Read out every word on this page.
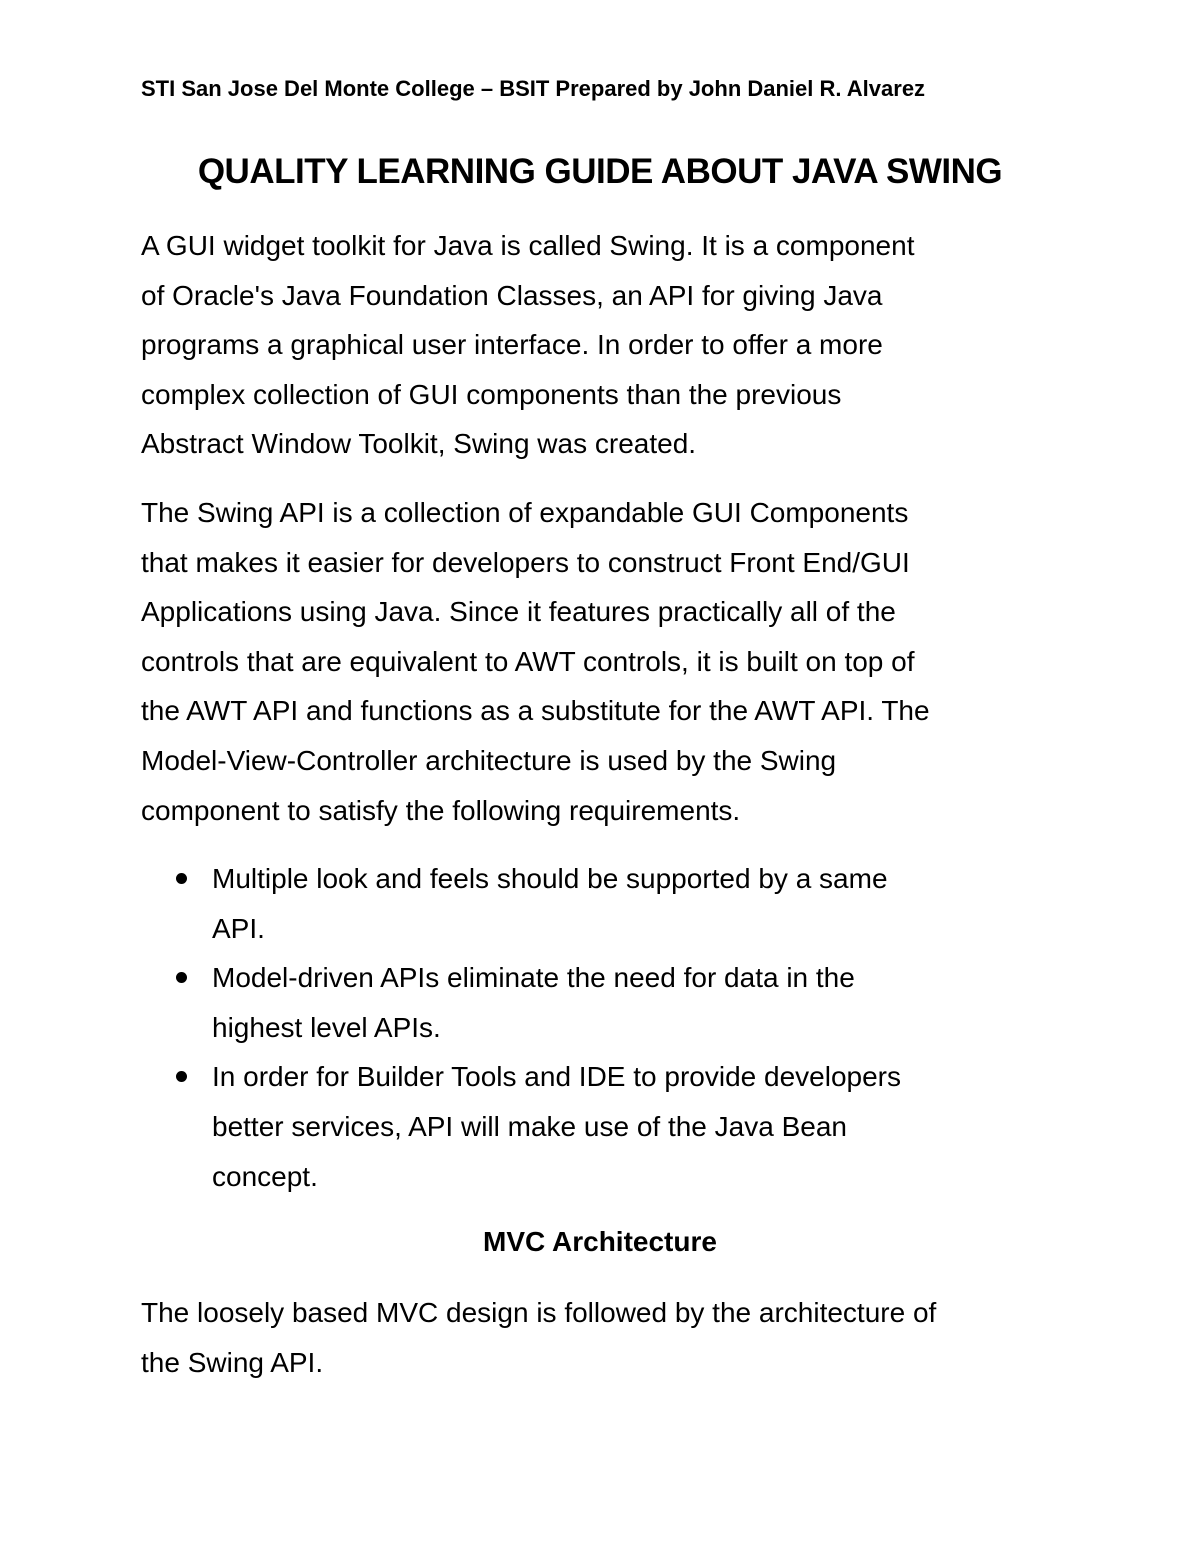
STI San Jose Del Monte College – BSIT Prepared by John Daniel R. Alvarez
QUALITY LEARNING GUIDE ABOUT JAVA SWING

A GUI widget toolkit for Java is called Swing. It is a component
of Oracle's Java Foundation Classes, an API for giving Java
programs a graphical user interface. In order to offer a more
complex collection of GUI components than the previous
Abstract Window Toolkit, Swing was created.

The Swing API is a collection of expandable GUI Components
that makes it easier for developers to construct Front End/GUI
Applications using Java. Since it features practically all of the
controls that are equivalent to AWT controls, it is built on top of
the AWT API and functions as a substitute for the AWT API. The
Model-View-Controller architecture is used by the Swing
component to satisfy the following requirements.

Multiple look and feels should be supported by a same
API.
Model-driven APIs eliminate the need for data in the
highest level APIs.
In order for Builder Tools and IDE to provide developers
better services, API will make use of the Java Bean
concept.
MVC Architecture

The loosely based MVC design is followed by the architecture of
the Swing API.
